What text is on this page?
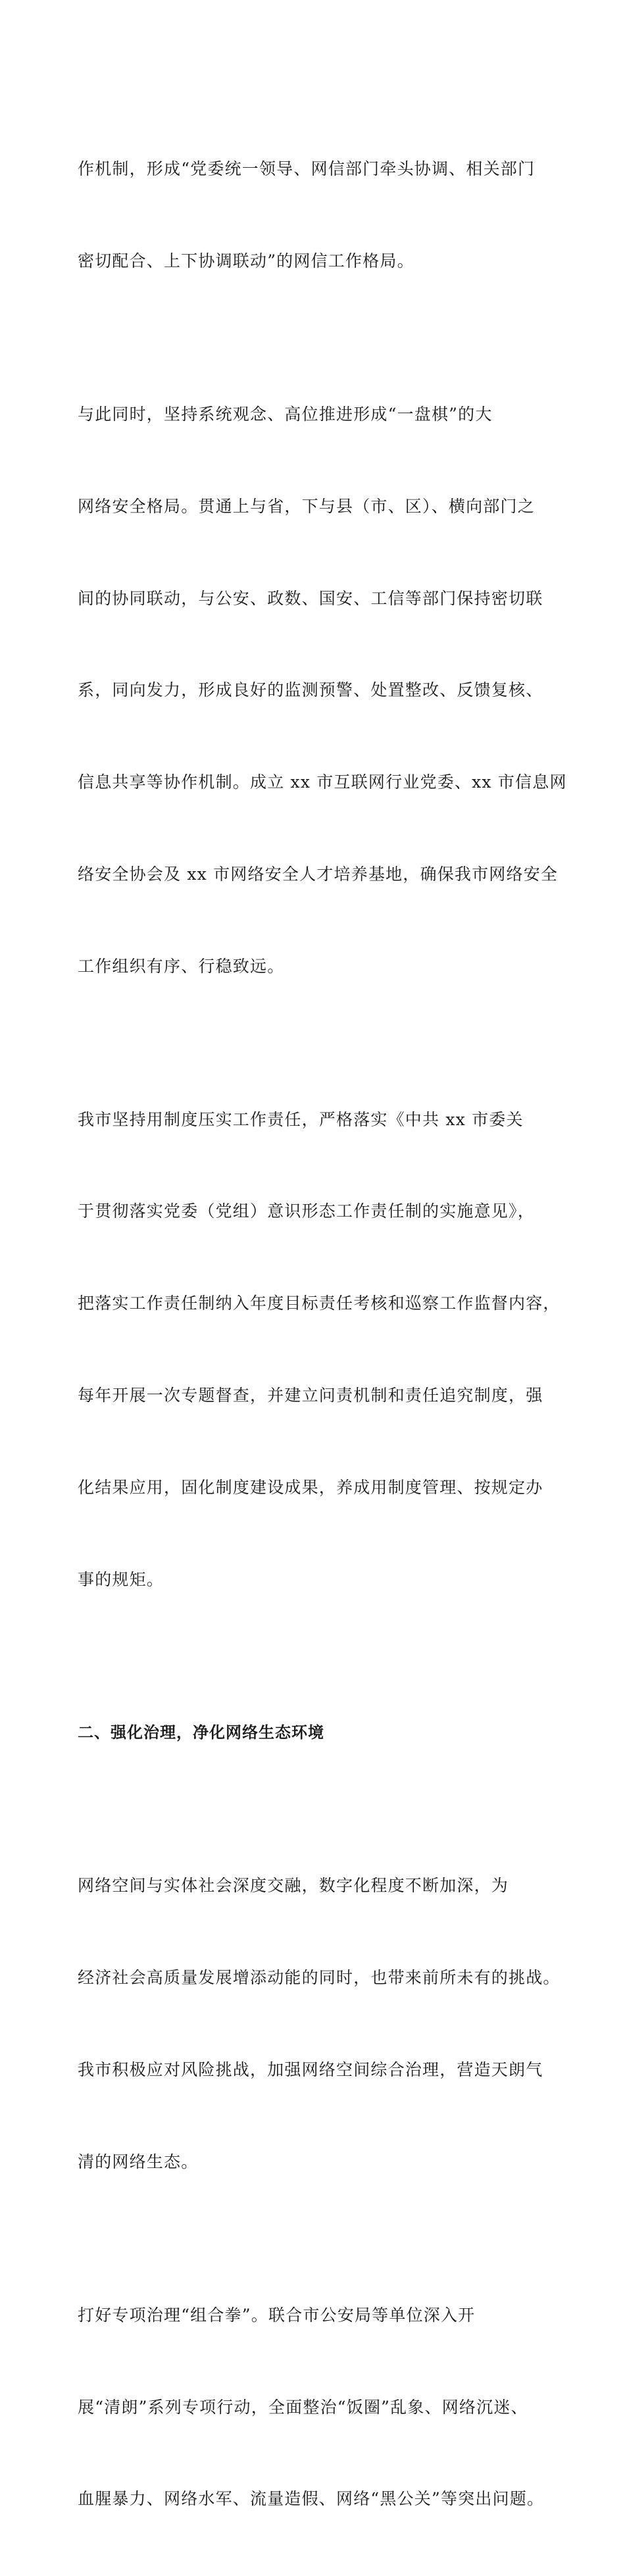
作机制，形成“党委统一领导、网信部门牵头协调、相关部门

密切配合、上下协调联动”的网信工作格局。

与此同时，坚持系统观念、高位推进形成“一盘棋”的大

网络安全格局。贯通上与省，下与县（市、区）、横向部门之

间的协同联动，与公安、政数、国安、工信等部门保持密切联

系，同向发力，形成良好的监测预警、处置整改、反馈复核、

信息共享等协作机制。成立 xx 市互联网行业党委、xx 市信息网

络安全协会及 xx 市网络安全人才培养基地，确保我市网络安全

工作组织有序、行稳致远。

我市坚持用制度压实工作责任，严格落实《中共 xx 市委关

于贯彻落实党委（党组）意识形态工作责任制的实施意见》，

把落实工作责任制纳入年度目标责任考核和巡察工作监督内容，

每年开展一次专题督查，并建立问责机制和责任追究制度，强

化结果应用，固化制度建设成果，养成用制度管理、按规定办

事的规矩。

二、强化治理，净化网络生态环境

网络空间与实体社会深度交融，数字化程度不断加深，为

经济社会高质量发展增添动能的同时，也带来前所未有的挑战。

我市积极应对风险挑战，加强网络空间综合治理，营造天朗气

清的网络生态。

打好专项治理“组合拳”。联合市公安局等单位深入开

展“清朗”系列专项行动，全面整治“饭圈”乱象、网络沉迷、

血腥暴力、网络水军、流量造假、网络“黑公关”等突出问题。
